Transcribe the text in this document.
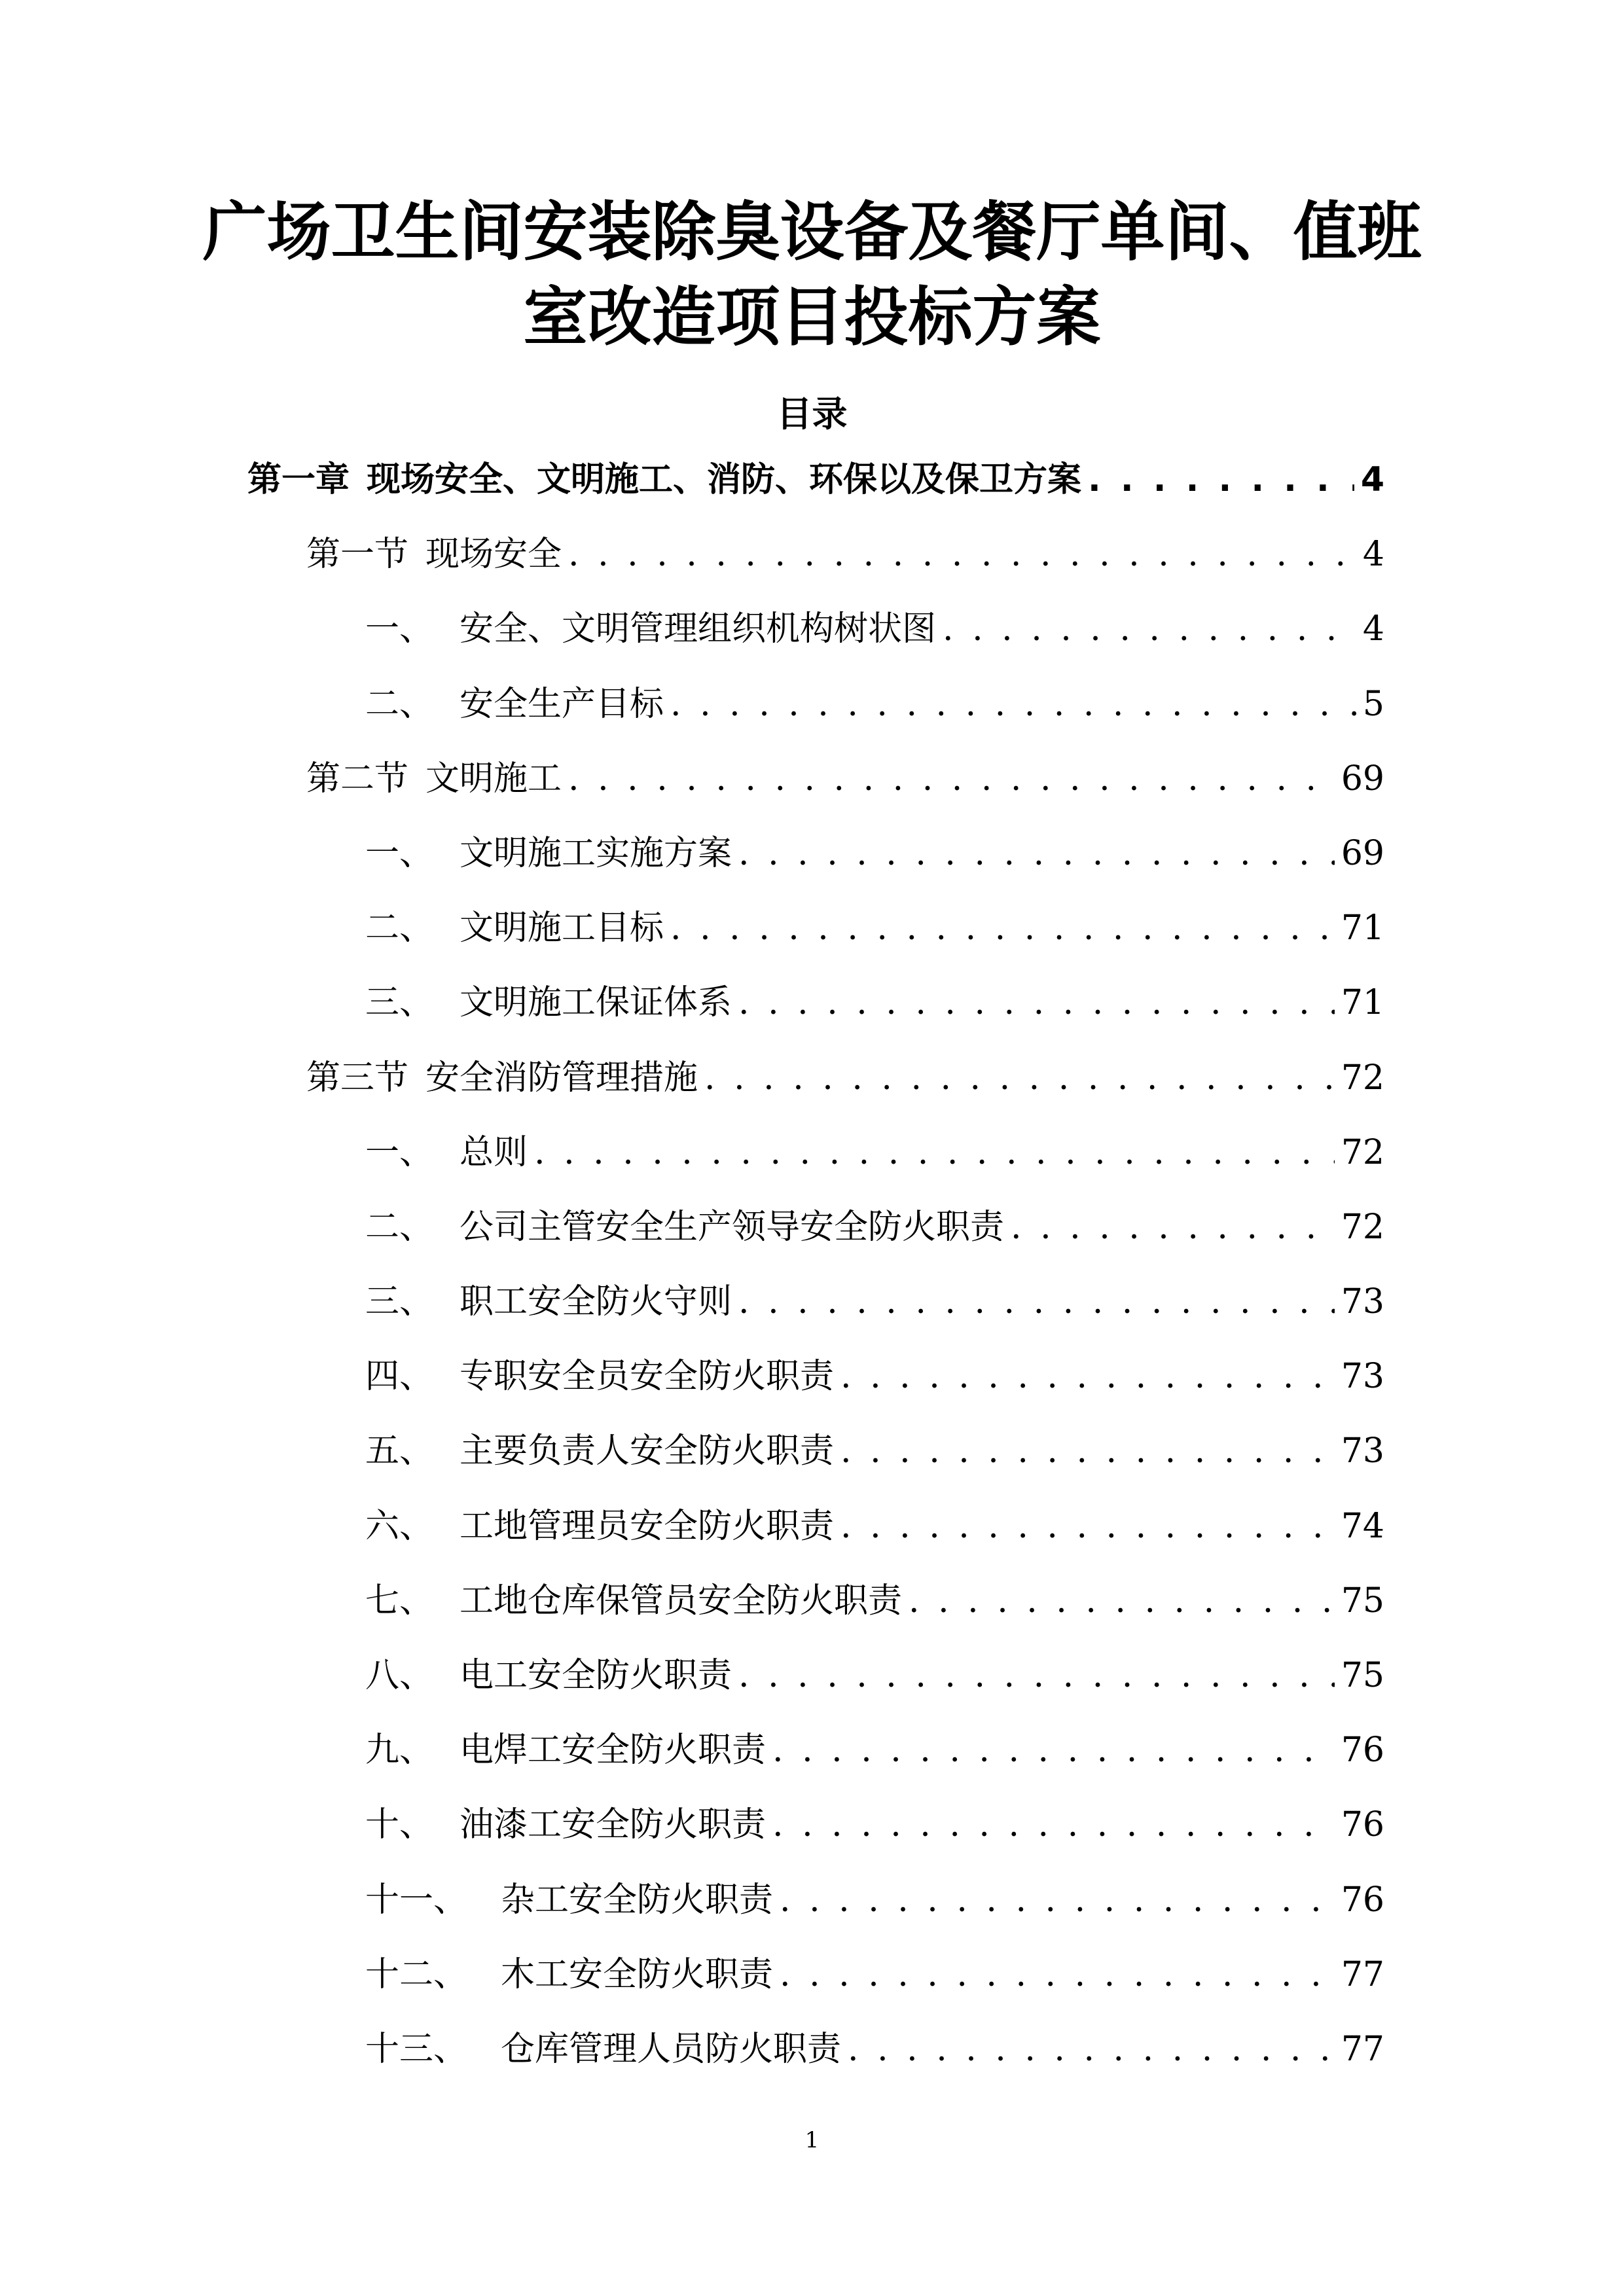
广场卫生间安装除臭设备及餐厅单间、值班室改造项目投标方案
目录
第一章 现场安全、文明施工、消防、环保以及保卫方案 . . .	4
第一节 现场安全 . . .	4
一、 安全、文明管理组织机构树状图 . . .	4
二、 安全生产目标 . . .	5
第二节 文明施工 . . .	69
一、 文明施工实施方案 . . .	69
二、 文明施工目标 . . .	71
三、 文明施工保证体系 . . .	71
第三节 安全消防管理措施 . . .	72
一、 总则 . . .	72
二、 公司主管安全生产领导安全防火职责 . . .	72
三、 职工安全防火守则 . . .	73
四、 专职安全员安全防火职责 . . .	73
五、 主要负责人安全防火职责 . . .	73
六、 工地管理员安全防火职责 . . .	74
七、 工地仓库保管员安全防火职责 . . .	75
八、 电工安全防火职责 . . .	75
九、 电焊工安全防火职责 . . .	76
十、 油漆工安全防火职责 . . .	76
十一、 杂工安全防火职责 . . .	76
十二、 木工安全防火职责 . . .	77
十三、 仓库管理人员防火职责 . . .	77
1
